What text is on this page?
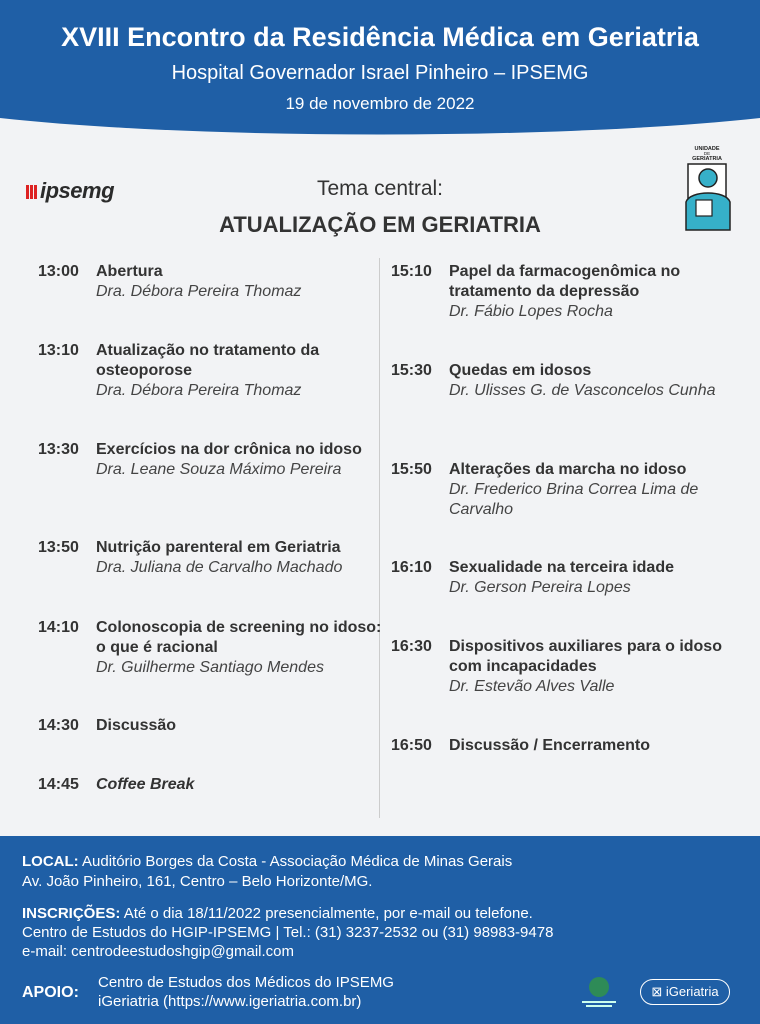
XVIII Encontro da Residência Médica em Geriatria
Hospital Governador Israel Pinheiro – IPSEMG
19 de novembro de 2022
ipsemg
UNIDADE
DE
GERIATRIA
Tema central:
ATUALIZAÇÃO EM GERIATRIA
13:00 Abertura
Dra. Débora Pereira Thomaz
13:10 Atualização no tratamento da osteoporose
Dra. Débora Pereira Thomaz
13:30 Exercícios na dor crônica no idoso
Dra. Leane Souza Máximo Pereira
13:50 Nutrição parenteral em Geriatria
Dra. Juliana de Carvalho Machado
14:10 Colonoscopia de screening no idoso: o que é racional
Dr. Guilherme Santiago Mendes
14:30 Discussão
14:45 Coffee Break
15:10 Papel da farmacogenômica no tratamento da depressão
Dr. Fábio Lopes Rocha
15:30 Quedas em idosos
Dr. Ulisses G. de Vasconcelos Cunha
15:50 Alterações da marcha no idoso
Dr. Frederico Brina Correa Lima de Carvalho
16:10 Sexualidade na terceira idade
Dr. Gerson Pereira Lopes
16:30 Dispositivos auxiliares para o idoso com incapacidades
Dr. Estevão Alves Valle
16:50 Discussão / Encerramento
LOCAL: Auditório Borges da Costa - Associação Médica de Minas Gerais
Av. João Pinheiro, 161, Centro – Belo Horizonte/MG.
INSCRIÇÕES: Até o dia 18/11/2022 presencialmente, por e-mail ou telefone.
Centro de Estudos do HGIP-IPSEMG | Tel.: (31) 3237-2532 ou (31) 98983-9478
e-mail: centrodeestudoshgip@gmail.com
APOIO:
Centro de Estudos dos Médicos do IPSEMG
iGeriatria (https://www.igeriatria.com.br)
⊠ iGeriatria
